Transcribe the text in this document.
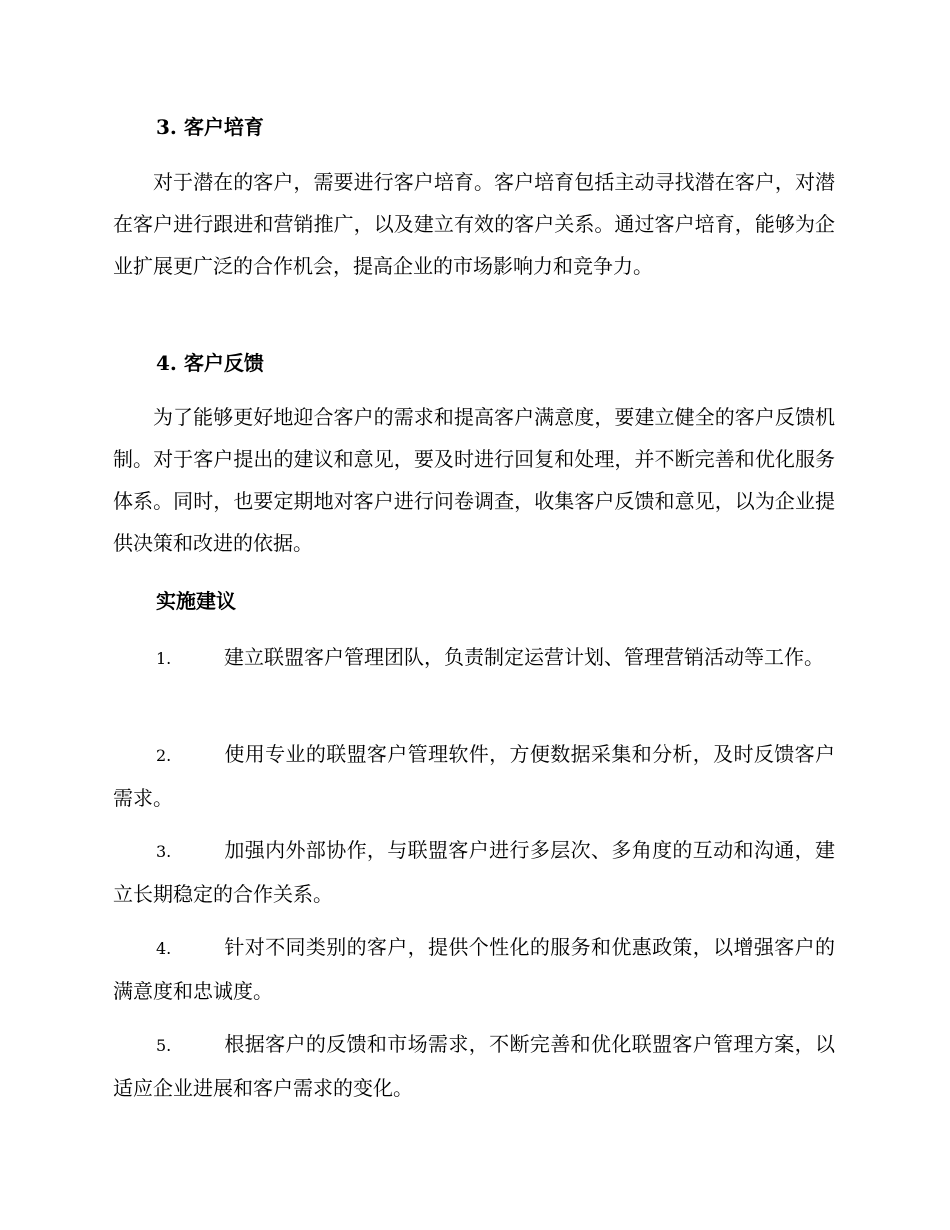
3. 客户培育
对于潜在的客户，需要进行客户培育。客户培育包括主动寻找潜在客户，对潜在客户进行跟进和营销推广，以及建立有效的客户关系。通过客户培育，能够为企业扩展更广泛的合作机会，提高企业的市场影响力和竞争力。
4. 客户反馈
为了能够更好地迎合客户的需求和提高客户满意度，要建立健全的客户反馈机制。对于客户提出的建议和意见，要及时进行回复和处理，并不断完善和优化服务体系。同时，也要定期地对客户进行问卷调查，收集客户反馈和意见，以为企业提供决策和改进的依据。
实施建议
1.	建立联盟客户管理团队，负责制定运营计划、管理营销活动等工作。
2.	使用专业的联盟客户管理软件，方便数据采集和分析，及时反馈客户需求。
3.	加强内外部协作，与联盟客户进行多层次、多角度的互动和沟通，建立长期稳定的合作关系。
4.	针对不同类别的客户，提供个性化的服务和优惠政策，以增强客户的满意度和忠诚度。
5.	根据客户的反馈和市场需求，不断完善和优化联盟客户管理方案，以适应企业进展和客户需求的变化。
